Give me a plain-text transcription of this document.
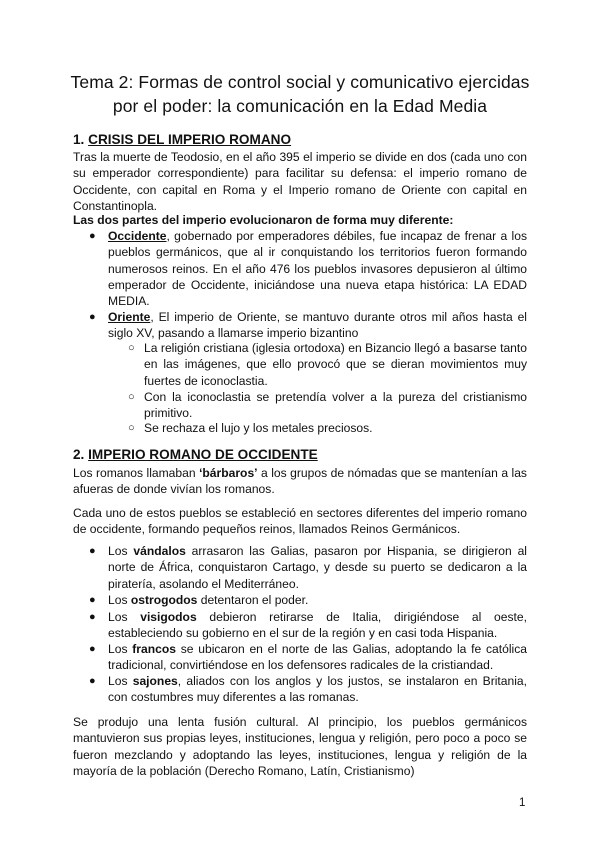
Tema 2: Formas de control social y comunicativo ejercidas
por el poder: la comunicación en la Edad Media
1. CRISIS DEL IMPERIO ROMANO
Tras la muerte de Teodosio, en el año 395 el imperio se divide en dos (cada uno con su emperador correspondiente) para facilitar su defensa: el imperio romano de Occidente, con capital en Roma y el Imperio romano de Oriente con capital en Constantinopla.
Las dos partes del imperio evolucionaron de forma muy diferente:
● Occidente, gobernado por emperadores débiles, fue incapaz de frenar a los pueblos germánicos, que al ir conquistando los territorios fueron formando numerosos reinos. En el año 476 los pueblos invasores depusieron al último emperador de Occidente, iniciándose una nueva etapa histórica: LA EDAD MEDIA.
● Oriente, El imperio de Oriente, se mantuvo durante otros mil años hasta el siglo XV, pasando a llamarse imperio bizantino
○ La religión cristiana (iglesia ortodoxa) en Bizancio llegó a basarse tanto en las imágenes, que ello provocó que se dieran movimientos muy fuertes de iconoclastia.
○ Con la iconoclastia se pretendía volver a la pureza del cristianismo primitivo.
○ Se rechaza el lujo y los metales preciosos.
2. IMPERIO ROMANO DE OCCIDENTE
Los romanos llamaban ‘bárbaros’ a los grupos de nómadas que se mantenían a las afueras de donde vivían los romanos.
Cada uno de estos pueblos se estableció en sectores diferentes del imperio romano de occidente, formando pequeños reinos, llamados Reinos Germánicos.
● Los vándalos arrasaron las Galias, pasaron por Hispania, se dirigieron al norte de África, conquistaron Cartago, y desde su puerto se dedicaron a la piratería, asolando el Mediterráneo.
● Los ostrogodos detentaron el poder.
● Los visigodos debieron retirarse de Italia, dirigiéndose al oeste, estableciendo su gobierno en el sur de la región y en casi toda Hispania.
● Los francos se ubicaron en el norte de las Galias, adoptando la fe católica tradicional, convirtiéndose en los defensores radicales de la cristiandad.
● Los sajones, aliados con los anglos y los justos, se instalaron en Britania, con costumbres muy diferentes a las romanas.
Se produjo una lenta fusión cultural. Al principio, los pueblos germánicos mantuvieron sus propias leyes, instituciones, lengua y religión, pero poco a poco se fueron mezclando y adoptando las leyes, instituciones, lengua y religión de la mayoría de la población (Derecho Romano, Latín, Cristianismo)
1
